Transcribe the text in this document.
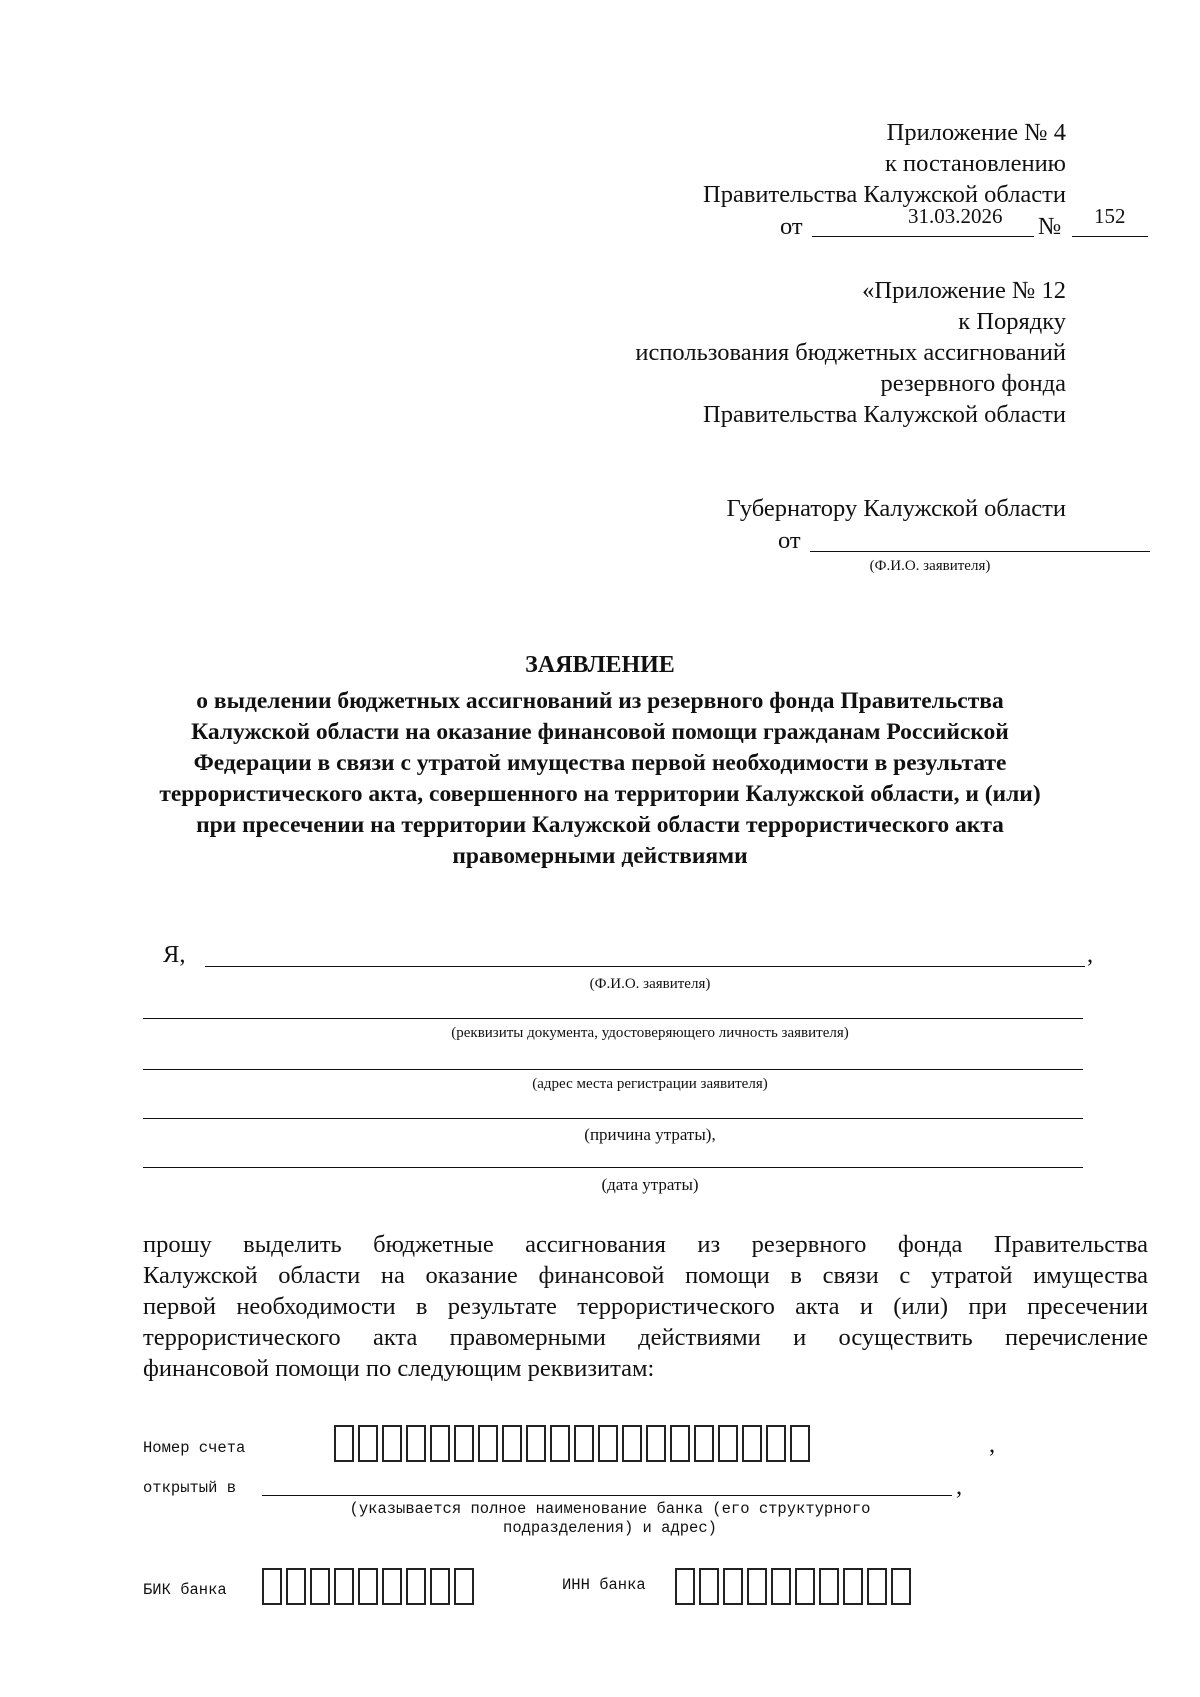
Приложение № 4
к постановлению
Правительства Калужской области
от	31.03.2026 № 152
«Приложение № 12
к Порядку
использования бюджетных ассигнований
резервного фонда
Правительства Калужской области
Губернатору Калужской области
от
(Ф.И.О. заявителя)
ЗАЯВЛЕНИЕ
о выделении бюджетных ассигнований из резервного фонда Правительства
Калужской области на оказание финансовой помощи гражданам Российской
Федерации в связи с утратой имущества первой необходимости в результате
террористического акта, совершенного на территории Калужской области, и (или)
при пресечении на территории Калужской области террористического акта
правомерными действиями
Я,	,
(Ф.И.О. заявителя)
(реквизиты документа, удостоверяющего личность заявителя)
(адрес места регистрации заявителя)
(причина утраты),
(дата утраты)
прошу выделить бюджетные ассигнования из резервного фонда Правительства
Калужской области на оказание финансовой помощи в связи с утратой имущества
первой необходимости в результате террористического акта и (или) при пресечении
террористического акта правомерными действиями и осуществить перечисление
финансовой помощи по следующим реквизитам:
Номер счета	,
открытый в	,
(указывается полное наименование банка (его структурного
подразделения) и адрес)
БИК банка	ИНН банка
